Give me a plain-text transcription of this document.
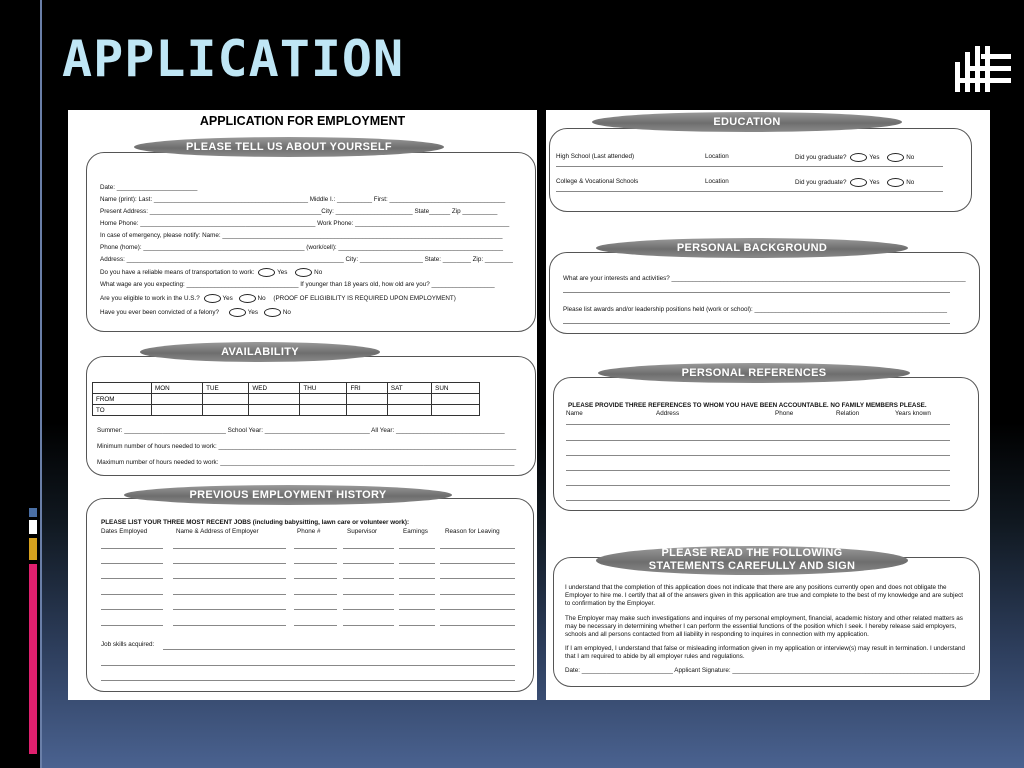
APPLICATION
APPLICATION FOR EMPLOYMENT
PLEASE TELL US ABOUT YOURSELF
Date: _______________________
Name (print): Last: ____________________________________________ Middle I.: __________ First: _________________________________
Present Address: _________________________________________________City: ______________________ State______ Zip __________
Home Phone: __________________________________________________ Work Phone: ____________________________________________
In case of emergency, please notify: Name: ________________________________________________________________________________
Phone (home): ______________________________________________ (work/cell): _______________________________________________
Address: ______________________________________________________________ City: __________________ State: ________ Zip: ________
Do you have a reliable means of transportation to work:	Yes	No
What wage are you expecting: ________________________________ If younger than 18 years old, how old are you? __________________
Are you eligible to work in the U.S.?	Yes	No (PROOF OF ELIGIBILITY IS REQUIRED UPON EMPLOYMENT)
Have you ever been convicted of a felony?	Yes	No
AVAILABILITY
	MON	TUE	WED	THU	FRI	SAT	SUN
FROM							
TO							
Summer: _____________________________ School Year: ______________________________ All Year: _______________________________
Minimum number of hours needed to work: _____________________________________________________________________________________
Maximum number of hours needed to work: ____________________________________________________________________________________
PREVIOUS EMPLOYMENT HISTORY
PLEASE LIST YOUR THREE MOST RECENT JOBS (including babysitting, lawn care or volunteer work):
Dates Employed	Name & Address of Employer	Phone #	Supervisor	Earnings	Reason for Leaving
Job skills acquired:
EDUCATION
High School (Last attended)	Location	Did you graduate?	Yes	No
College & Vocational Schools	Location	Did you graduate?	Yes	No
PERSONAL BACKGROUND
What are your interests and activities? ____________________________________________________________________________________
Please list awards and/or leadership positions held (work or school): _______________________________________________________
PERSONAL REFERENCES
PLEASE PROVIDE THREE REFERENCES TO WHOM YOU HAVE BEEN ACCOUNTABLE. NO FAMILY MEMBERS PLEASE.
Name	Address	Phone	Relation	Years known
PLEASE READ THE FOLLOWING
STATEMENTS CAREFULLY AND SIGN
I understand that the completion of this application does not indicate that there are any positions currently open and does not obligate the Employer to hire me. I certify that all of the answers given in this application are true and complete to the best of my knowledge and are subject to confirmation by the Employer.
The Employer may make such investigations and inquires of my personal employment, financial, academic history and other related matters as may be necessary in determining whether I can perform the essential functions of the position which I seek. I hereby release said employers, schools and all persons contacted from all liability in responding to inquires in connection with my application.
If I am employed, I understand that false or misleading information given in my application or interview(s) may result in termination. I understand that I am required to abide by all employer rules and regulations.
Date: __________________________ Applicant Signature: _____________________________________________________________________
